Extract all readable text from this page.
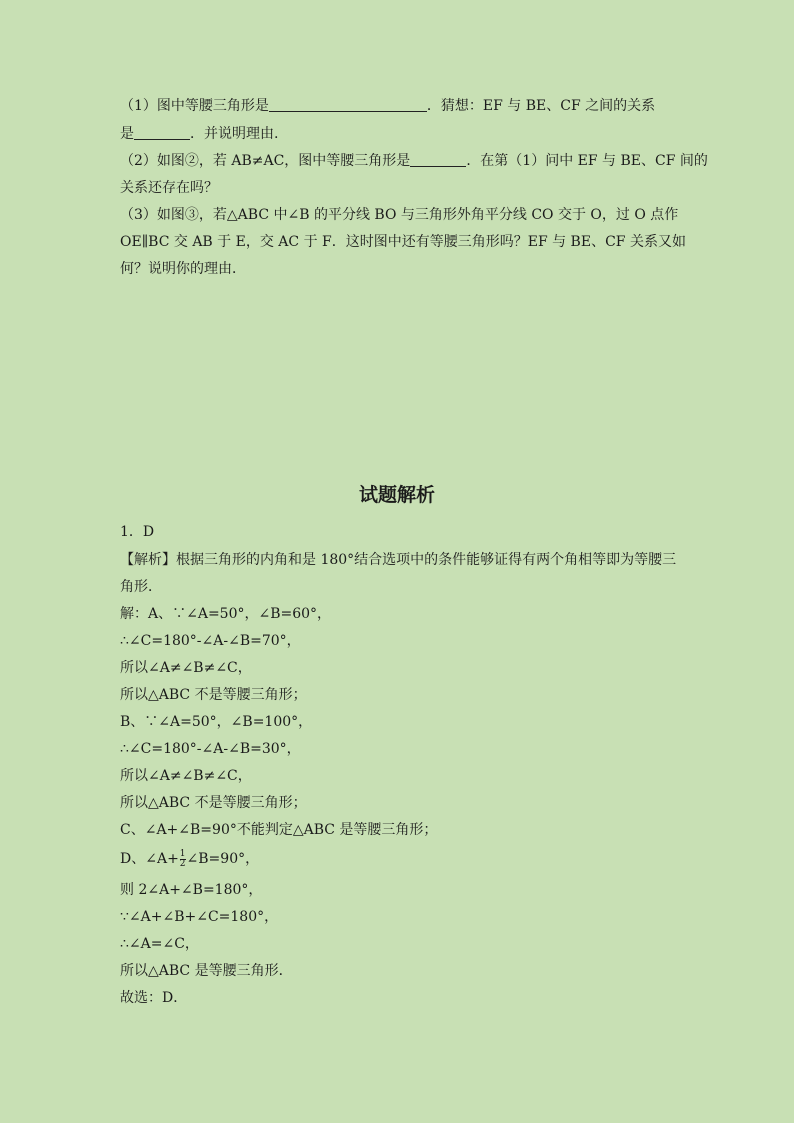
（1）图中等腰三角形是	．猜想：EF 与 BE、CF 之间的关系
是	．并说明理由.
（2）如图②，若 AB≠AC，图中等腰三角形是	．在第（1）问中 EF 与 BE、CF 间的
关系还存在吗？
（3）如图③，若△ABC 中∠B 的平分线 BO 与三角形外角平分线 CO 交于 O，过 O 点作
OE∥BC 交 AB 于 E，交 AC 于 F．这时图中还有等腰三角形吗？EF 与 BE、CF 关系又如
何？说明你的理由．
试题解析
1．D
【解析】根据三角形的内角和是 180°结合选项中的条件能够证得有两个角相等即为等腰三
角形．
解：A、∵∠A=50°，∠B=60°，
∴∠C=180°-∠A-∠B=70°，
所以∠A≠∠B≠∠C，
所以△ABC 不是等腰三角形；
B、∵∠A=50°，∠B=100°，
∴∠C=180°-∠A-∠B=30°，
所以∠A≠∠B≠∠C，
所以△ABC 不是等腰三角形；
C、∠A+∠B=90°不能判定△ABC 是等腰三角形；
D、∠A+ $\frac{1}{2}$ ∠B=90°，
则 2∠A+∠B=180°，
∵∠A+∠B+∠C=180°，
∴∠A=∠C，
所以△ABC 是等腰三角形．
故选：D．
